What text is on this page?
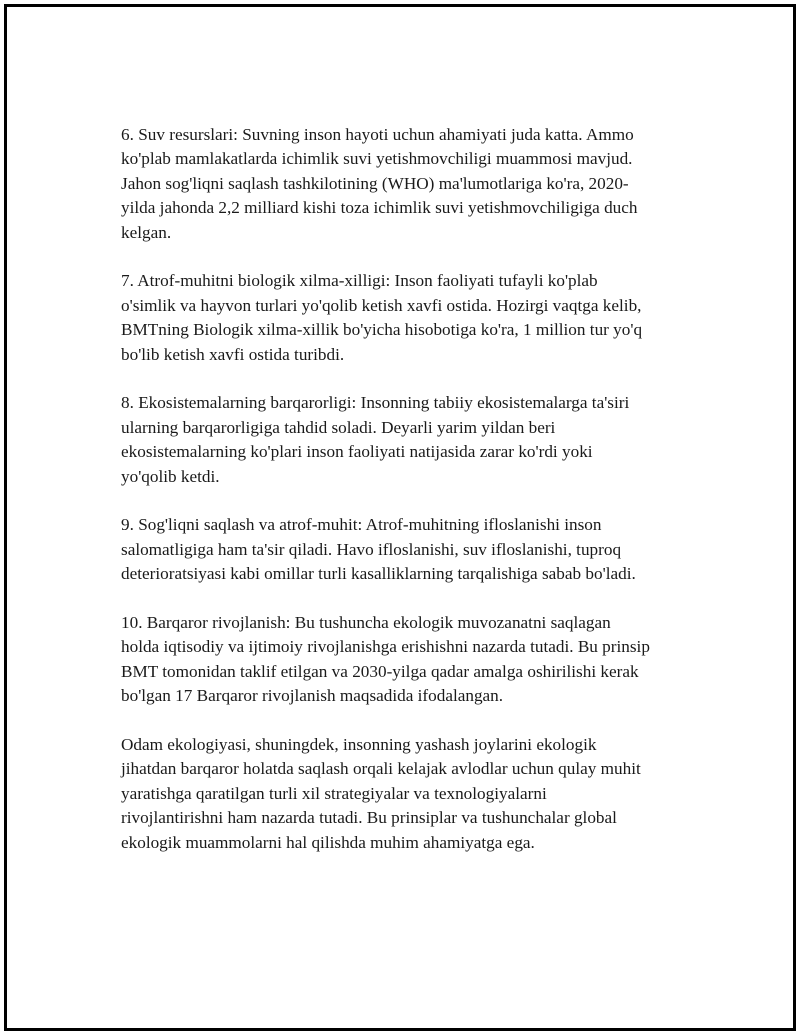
6. Suv resurslari: Suvning inson hayoti uchun ahamiyati juda katta. Ammo
ko'plab mamlakatlarda ichimlik suvi yetishmovchiligi muammosi mavjud.
Jahon sog'liqni saqlash tashkilotining (WHO) ma'lumotlariga ko'ra, 2020-
yilda jahonda 2,2 milliard kishi toza ichimlik suvi yetishmovchiligiga duch
kelgan.

7. Atrof-muhitni biologik xilma-xilligi: Inson faoliyati tufayli ko'plab
o'simlik va hayvon turlari yo'qolib ketish xavfi ostida. Hozirgi vaqtga kelib,
BMTning Biologik xilma-xillik bo'yicha hisobotiga ko'ra, 1 million tur yo'q
bo'lib ketish xavfi ostida turibdi.

8. Ekosistemalarning barqarorligi: Insonning tabiiy ekosistemalarga ta'siri
ularning barqarorligiga tahdid soladi. Deyarli yarim yildan beri
ekosistemalarning ko'plari inson faoliyati natijasida zarar ko'rdi yoki
yo'qolib ketdi.

9. Sog'liqni saqlash va atrof-muhit: Atrof-muhitning ifloslanishi inson
salomatligiga ham ta'sir qiladi. Havo ifloslanishi, suv ifloslanishi, tuproq
deterioratsiyasi kabi omillar turli kasalliklarning tarqalishiga sabab bo'ladi.

10. Barqaror rivojlanish: Bu tushuncha ekologik muvozanatni saqlagan
holda iqtisodiy va ijtimoiy rivojlanishga erishishni nazarda tutadi. Bu prinsip
BMT tomonidan taklif etilgan va 2030-yilga qadar amalga oshirilishi kerak
bo'lgan 17 Barqaror rivojlanish maqsadida ifodalangan.

Odam ekologiyasi, shuningdek, insonning yashash joylarini ekologik
jihatdan barqaror holatda saqlash orqali kelajak avlodlar uchun qulay muhit
yaratishga qaratilgan turli xil strategiyalar va texnologiyalarni
rivojlantirishni ham nazarda tutadi. Bu prinsiplar va tushunchalar global
ekologik muammolarni hal qilishda muhim ahamiyatga ega.
